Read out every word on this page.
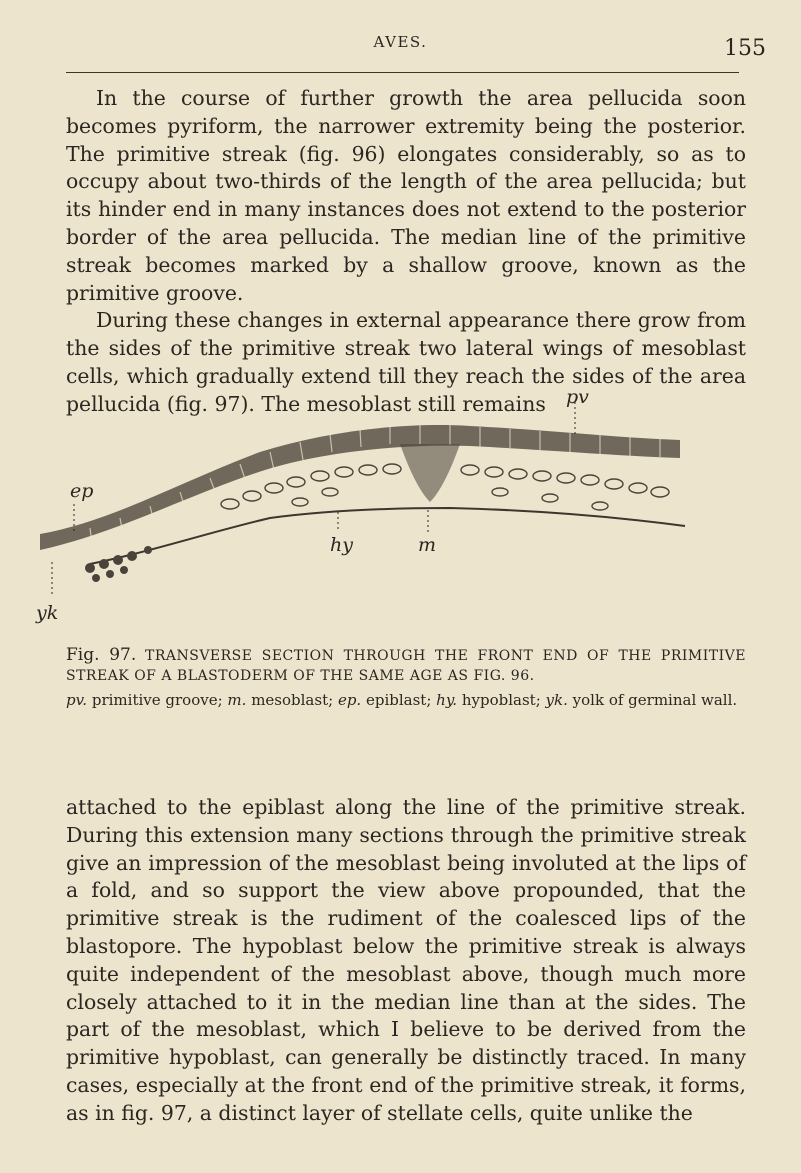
AVES.	155

In the course of further growth the area pellucida soon becomes pyriform, the narrower extremity being the posterior. The primitive streak (fig. 96) elongates considerably, so as to occupy about two-thirds of the length of the area pellucida; but its hinder end in many instances does not extend to the posterior border of the area pellucida. The median line of the primitive streak becomes marked by a shallow groove, known as the primitive groove.

During these changes in external appearance there grow from the sides of the primitive streak two lateral wings of mesoblast cells, which gradually extend till they reach the sides of the area pellucida (fig. 97). The mesoblast still remains	pv
ep
hy	m
yk
Fig. 97. TRANSVERSE SECTION THROUGH THE FRONT END OF THE PRIMITIVE STREAK OF A BLASTODERM OF THE SAME AGE AS FIG. 96.
pv. primitive groove; m. mesoblast; ep. epiblast; hy. hypoblast; yk. yolk of germinal wall.

attached to the epiblast along the line of the primitive streak. During this extension many sections through the primitive streak give an impression of the mesoblast being involuted at the lips of a fold, and so support the view above propounded, that the primitive streak is the rudiment of the coalesced lips of the blastopore. The hypoblast below the primitive streak is always quite independent of the mesoblast above, though much more closely attached to it in the median line than at the sides. The part of the mesoblast, which I believe to be derived from the primitive hypoblast, can generally be distinctly traced. In many cases, especially at the front end of the primitive streak, it forms, as in fig. 97, a distinct layer of stellate cells, quite unlike the
